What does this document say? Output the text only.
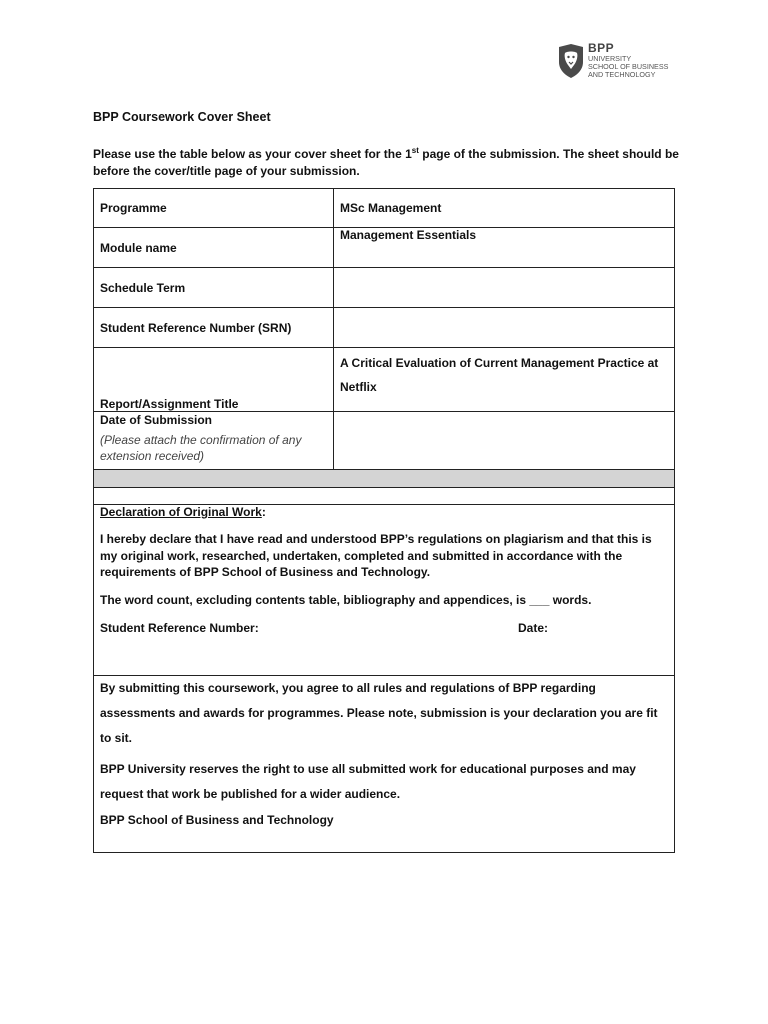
BPP
UNIVERSITY
SCHOOL OF BUSINESS
AND TECHNOLOGY
BPP Coursework Cover Sheet
Please use the table below as your cover sheet for the 1st page of the submission. The sheet should be before the cover/title page of your submission.
Programme	MSc Management
Module name	Management Essentials
Schedule Term	
Student Reference Number (SRN)	
Report/Assignment Title	A Critical Evaluation of Current Management Practice at Netflix

Date of Submission
(Please attach the confirmation of any extension received)	

Declaration of Original Work:

I hereby declare that I have read and understood BPP’s regulations on plagiarism and that this is my original work, researched, undertaken, completed and submitted in accordance with the requirements of BPP School of Business and Technology.

The word count, excluding contents table, bibliography and appendices, is ___ words.

Student Reference Number: Date:	

By submitting this coursework, you agree to all rules and regulations of BPP regarding assessments and awards for programmes. Please note, submission is your declaration you are fit to sit.

BPP University reserves the right to use all submitted work for educational purposes and may request that work be published for a wider audience.

BPP School of Business and Technology	
